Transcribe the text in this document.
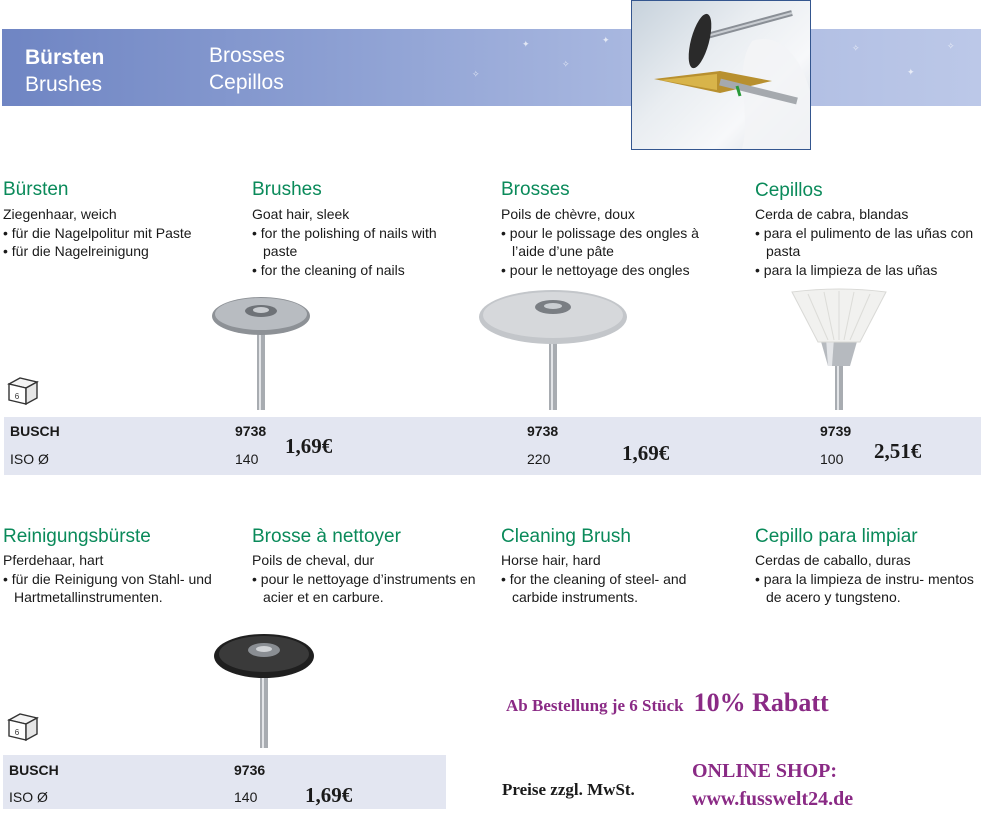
✦
✧
✦
✧
✦
✧
✧
Bürsten
Brushes
Brosses
Cepillos
Bürsten
Ziegenhaar, weich
• für die Nagelpolitur mit Paste
• für die Nagelreinigung
Brushes
Goat hair, sleek
• for the polishing of nails with paste
• for the cleaning of nails
Brosses
Poils de chèvre, doux
• pour le polissage des ongles à l’aide d’une pâte
• pour le nettoyage des ongles
Cepillos
Cerda de cabra, blandas
• para el pulimento de las uñas con pasta
• para la limpieza de las uñas
6
BUSCH
ISO Ø
9738
140
1,69€
9738
220	1,69€
9739
100 2,51€
Reinigungsbürste
Pferdehaar, hart
• für die Reinigung von Stahl- und Hartmetallinstrumenten.
Brosse à nettoyer
Poils de cheval, dur
• pour le nettoyage d’instruments en acier et en carbure.
Cleaning Brush
Horse hair, hard
• for the cleaning of steel- and carbide instruments.
Cepillo para limpiar
Cerdas de caballo, duras
• para la limpieza de instru- mentos de acero y tungsteno.
6
BUSCH
ISO Ø
9736
140 1,69€
Ab Bestellung je 6 Stück 10% Rabatt
Preise zzgl. MwSt.
ONLINE SHOP:
www.fusswelt24.de
